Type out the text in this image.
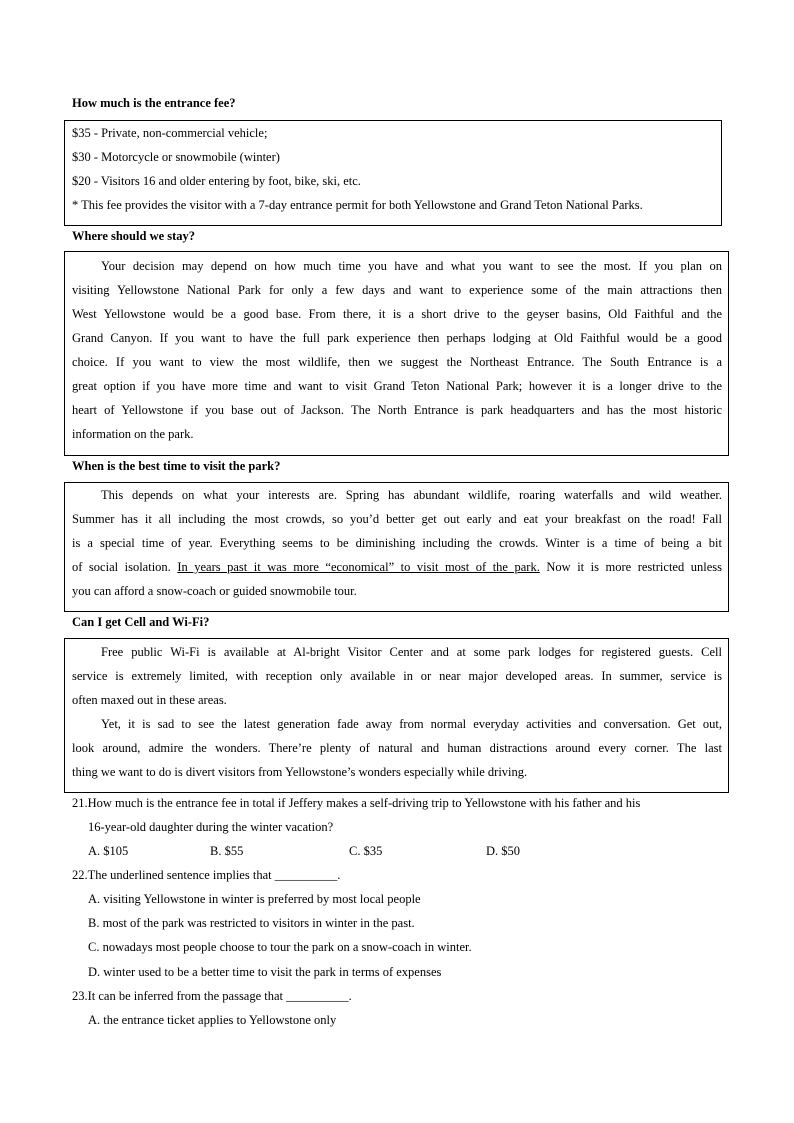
How much is the entrance fee?
$35 - Private, non-commercial vehicle;
$30 - Motorcycle or snowmobile (winter)
$20 - Visitors 16 and older entering by foot, bike, ski, etc.
* This fee provides the visitor with a 7-day entrance permit for both Yellowstone and Grand Teton National Parks.
Where should we stay?
Your decision may depend on how much time you have and what you want to see the most. If you plan on
visiting Yellowstone National Park for only a few days and want to experience some of the main attractions then
West Yellowstone would be a good base. From there, it is a short drive to the geyser basins, Old Faithful and the
Grand Canyon. If you want to have the full park experience then perhaps lodging at Old Faithful would be a good
choice. If you want to view the most wildlife, then we suggest the Northeast Entrance. The South Entrance is a
great option if you have more time and want to visit Grand Teton National Park; however it is a longer drive to the
heart of Yellowstone if you base out of Jackson. The North Entrance is park headquarters and has the most historic
information on the park.
When is the best time to visit the park?
This depends on what your interests are. Spring has abundant wildlife, roaring waterfalls and wild weather.
Summer has it all including the most crowds, so you’d better get out early and eat your breakfast on the road! Fall
is a special time of year. Everything seems to be diminishing including the crowds. Winter is a time of being a bit
of social isolation. In years past it was more “economical” to visit most of the park. Now it is more restricted unless
you can afford a snow-coach or guided snowmobile tour.
Can I get Cell and Wi-Fi?
Free public Wi-Fi is available at Al-bright Visitor Center and at some park lodges for registered guests. Cell
service is extremely limited, with reception only available in or near major developed areas. In summer, service is
often maxed out in these areas.
Yet, it is sad to see the latest generation fade away from normal everyday activities and conversation. Get out,
look around, admire the wonders. There’re plenty of natural and human distractions around every corner. The last
thing we want to do is divert visitors from Yellowstone’s wonders especially while driving.
21.How much is the entrance fee in total if Jeffery makes a self-driving trip to Yellowstone with his father and his
16-year-old daughter during the winter vacation?
A. $105	B. $55	C. $35	D. $50
22.The underlined sentence implies that __________.
A. visiting Yellowstone in winter is preferred by most local people
B. most of the park was restricted to visitors in winter in the past.
C. nowadays most people choose to tour the park on a snow-coach in winter.
D. winter used to be a better time to visit the park in terms of expenses
23.It can be inferred from the passage that __________.
A. the entrance ticket applies to Yellowstone only
